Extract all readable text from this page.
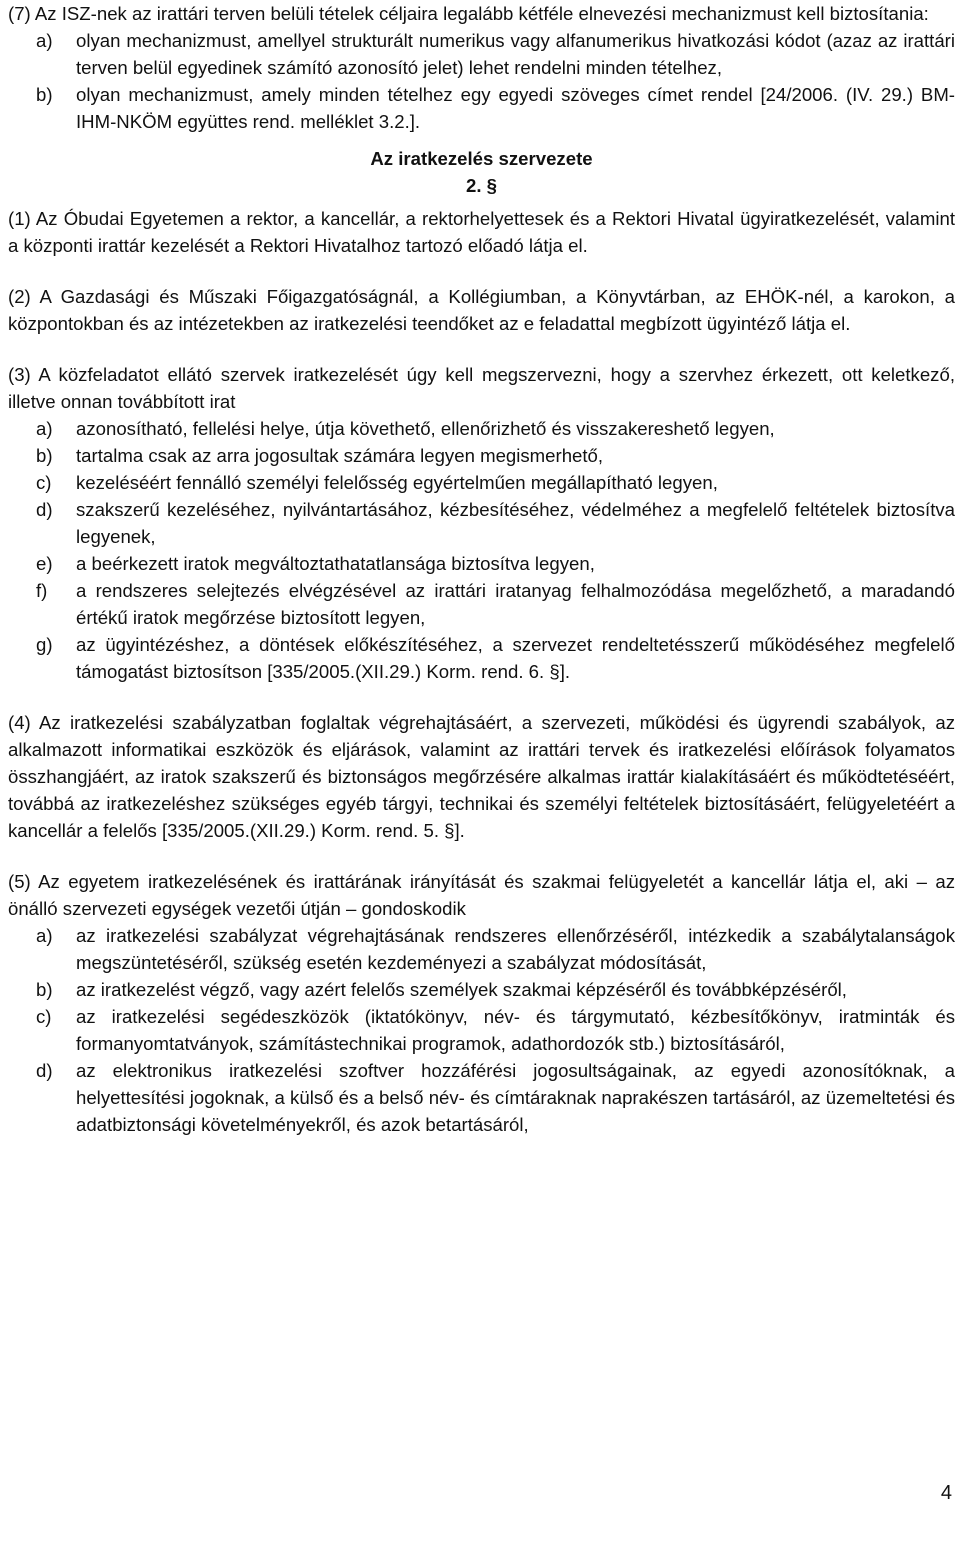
(7) Az ISZ-nek az irattári terven belüli tételek céljaira legalább kétféle elnevezési mechanizmust kell biztosítania:

a) olyan mechanizmust, amellyel strukturált numerikus vagy alfanumerikus hivatkozási kódot (azaz az irattári terven belül egyedinek számító azonosító jelet) lehet rendelni minden tételhez,

b) olyan mechanizmust, amely minden tételhez egy egyedi szöveges címet rendel [24/2006. (IV. 29.) BM-IHM-NKÖM együttes rend. melléklet 3.2.].

Az iratkezelés szervezete

2. §

(1) Az Óbudai Egyetemen a rektor, a kancellár, a rektorhelyettesek és a Rektori Hivatal ügyiratkezelését, valamint a központi irattár kezelését a Rektori Hivatalhoz tartozó előadó látja el.

(2) A Gazdasági és Műszaki Főigazgatóságnál, a Kollégiumban, a Könyvtárban, az EHÖK-nél, a karokon, a központokban és az intézetekben az iratkezelési teendőket az e feladattal megbízott ügyintéző látja el.

(3) A közfeladatot ellátó szervek iratkezelését úgy kell megszervezni, hogy a szervhez érkezett, ott keletkező, illetve onnan továbbított irat

a) azonosítható, fellelési helye, útja követhető, ellenőrizhető és visszakereshető legyen,

b) tartalma csak az arra jogosultak számára legyen megismerhető,

c) kezeléséért fennálló személyi felelősség egyértelműen megállapítható legyen,

d) szakszerű kezeléséhez, nyilvántartásához, kézbesítéséhez, védelméhez a megfelelő feltételek biztosítva legyenek,

e) a beérkezett iratok megváltoztathatatlansága biztosítva legyen,

f) a rendszeres selejtezés elvégzésével az irattári iratanyag felhalmozódása megelőzhető, a maradandó értékű iratok megőrzése biztosított legyen,

g) az ügyintézéshez, a döntések előkészítéséhez, a szervezet rendeltetésszerű működéséhez megfelelő támogatást biztosítson [335/2005.(XII.29.) Korm. rend. 6. §].

(4) Az iratkezelési szabályzatban foglaltak végrehajtásáért, a szervezeti, működési és ügyrendi szabályok, az alkalmazott informatikai eszközök és eljárások, valamint az irattári tervek és iratkezelési előírások folyamatos összhangjáért, az iratok szakszerű és biztonságos megőrzésére alkalmas irattár kialakításáért és működtetéséért, továbbá az iratkezeléshez szükséges egyéb tárgyi, technikai és személyi feltételek biztosításáért, felügyeletéért a kancellár a felelős [335/2005.(XII.29.) Korm. rend. 5. §].

(5) Az egyetem iratkezelésének és irattárának irányítását és szakmai felügyeletét a kancellár látja el, aki – az önálló szervezeti egységek vezetői útján – gondoskodik

a) az iratkezelési szabályzat végrehajtásának rendszeres ellenőrzéséről, intézkedik a szabálytalanságok megszüntetéséről, szükség esetén kezdeményezi a szabályzat módosítását,

b) az iratkezelést végző, vagy azért felelős személyek szakmai képzéséről és továbbképzéséről,

c) az iratkezelési segédeszközök (iktatókönyv, név- és tárgymutató, kézbesítőkönyv, iratminták és formanyomtatványok, számítástechnikai programok, adathordozók stb.) biztosításáról,

d) az elektronikus iratkezelési szoftver hozzáférési jogosultságainak, az egyedi azonosítóknak, a helyettesítési jogoknak, a külső és a belső név- és címtáraknak naprakészen tartásáról, az üzemeltetési és adatbiztonsági követelményekről, és azok betartásáról,

4
